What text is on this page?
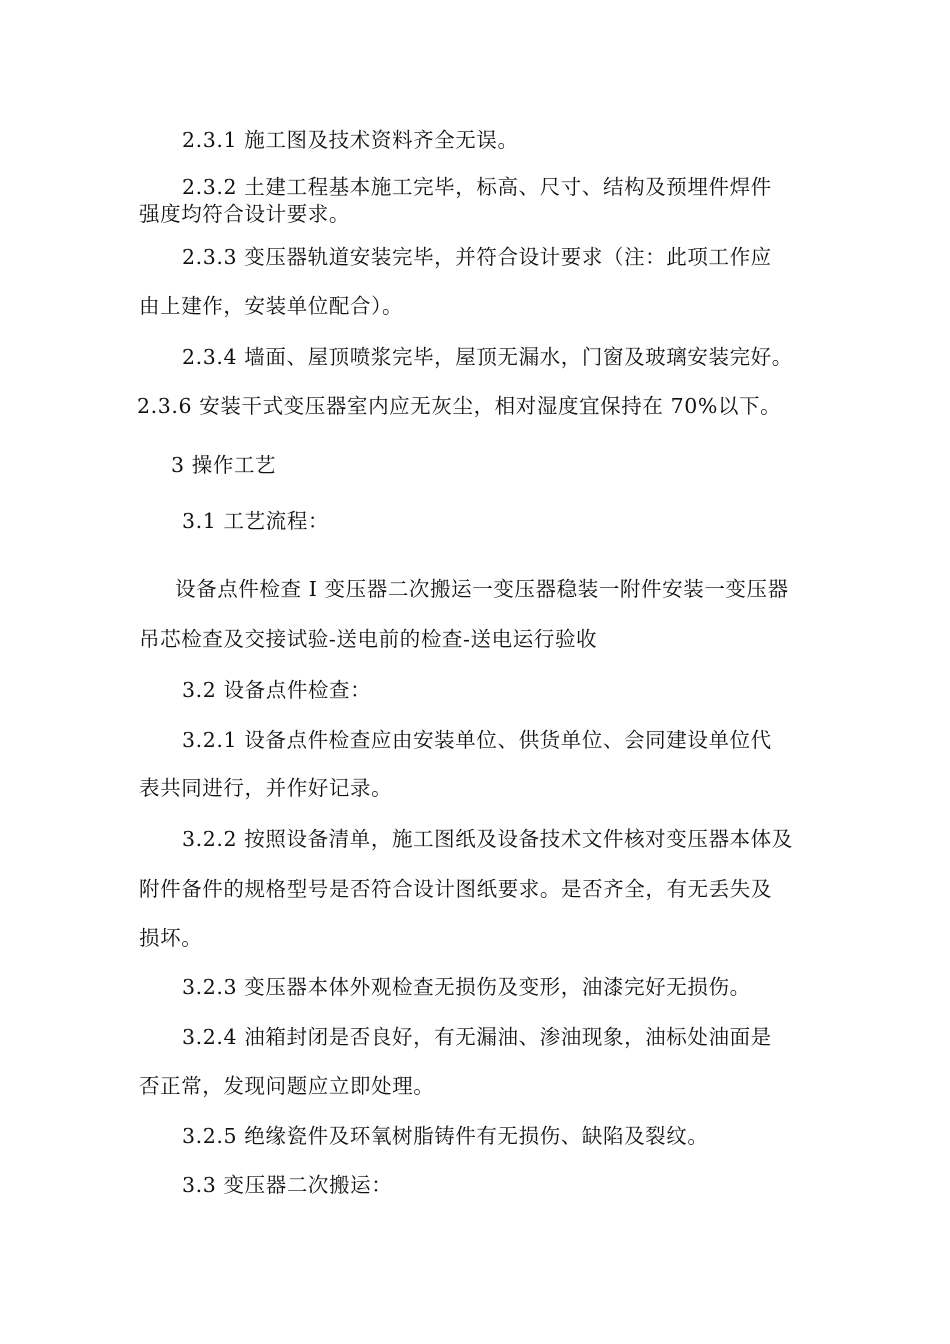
2.3.1 施工图及技术资料齐全无误。
2.3.2 土建工程基本施工完毕，标高、尺寸、结构及预埋件焊件
强度均符合设计要求。
2.3.3 变压器轨道安装完毕，并符合设计要求（注：此项工作应
由上建作，安装单位配合）。
2.3.4 墙面、屋顶喷浆完毕，屋顶无漏水，门窗及玻璃安装完好。
2.3.6 安装干式变压器室内应无灰尘，相对湿度宜保持在 70%以下。
3 操作工艺
3.1 工艺流程：
设备点件检查 I 变压器二次搬运一变压器稳装一附件安装一变压器
吊芯检查及交接试验-送电前的检查-送电运行验收
3.2 设备点件检查：
3.2.1 设备点件检查应由安装单位、供货单位、会同建设单位代
表共同进行，并作好记录。
3.2.2 按照设备清单，施工图纸及设备技术文件核对变压器本体及
附件备件的规格型号是否符合设计图纸要求。是否齐全，有无丢失及
损坏。
3.2.3 变压器本体外观检查无损伤及变形，油漆完好无损伤。
3.2.4 油箱封闭是否良好，有无漏油、渗油现象，油标处油面是
否正常，发现问题应立即处理。
3.2.5 绝缘瓷件及环氧树脂铸件有无损伤、缺陷及裂纹。
3.3 变压器二次搬运：
